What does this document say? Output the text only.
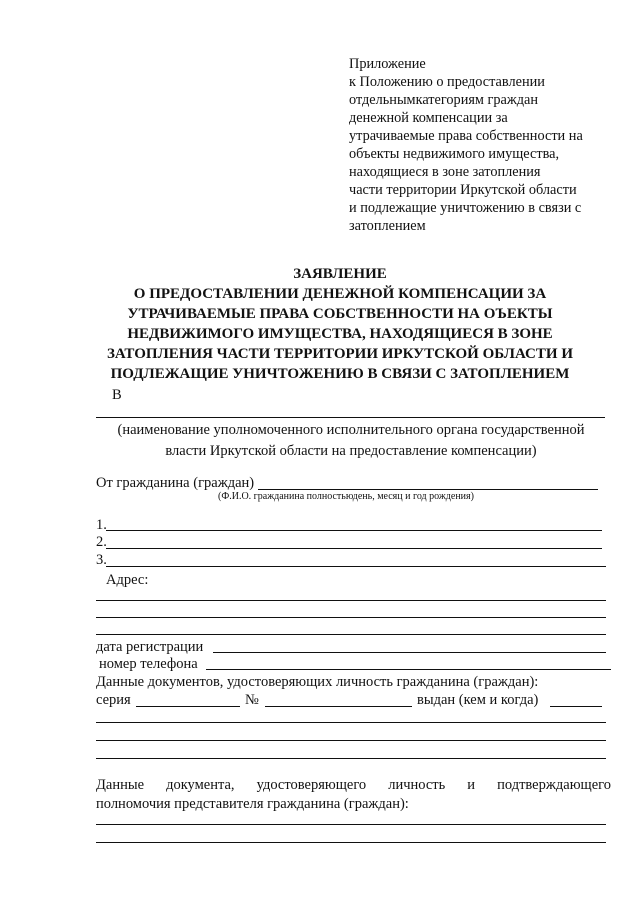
Приложение
к Положению о предоставлении
отдельнымкатегориям граждан
денежной компенсации за
утрачиваемые права собственности на
объекты недвижимого имущества,
находящиеся в зоне затопления
части территории Иркутской области
и подлежащие уничтожению в связи с
затоплением
ЗАЯВЛЕНИЕ
О ПРЕДОСТАВЛЕНИИ ДЕНЕЖНОЙ КОМПЕНСАЦИИ ЗА
УТРАЧИВАЕМЫЕ ПРАВА СОБСТВЕННОСТИ НА ОЪЕКТЫ
НЕДВИЖИМОГО ИМУЩЕСТВА, НАХОДЯЩИЕСЯ В ЗОНЕ
ЗАТОПЛЕНИЯ ЧАСТИ ТЕРРИТОРИИ ИРКУТСКОЙ ОБЛАСТИ И
ПОДЛЕЖАЩИЕ УНИЧТОЖЕНИЮ В СВЯЗИ С ЗАТОПЛЕНИЕМ
В
(наименование уполномоченного исполнительного органа государственной
власти Иркутской области на предоставление компенсации)
От гражданина (граждан)
(Ф.И.О. гражданина полностьюдень, месяц и год рождения)
1.
2.
3.
Адрес:
дата регистрации
номер телефона
Данные документов, удостоверяющих личность гражданина (граждан):
серия	№	выдан (кем и когда)
Данные документа, удостоверяющего личность и подтверждающего
полномочия представителя гражданина (граждан):
